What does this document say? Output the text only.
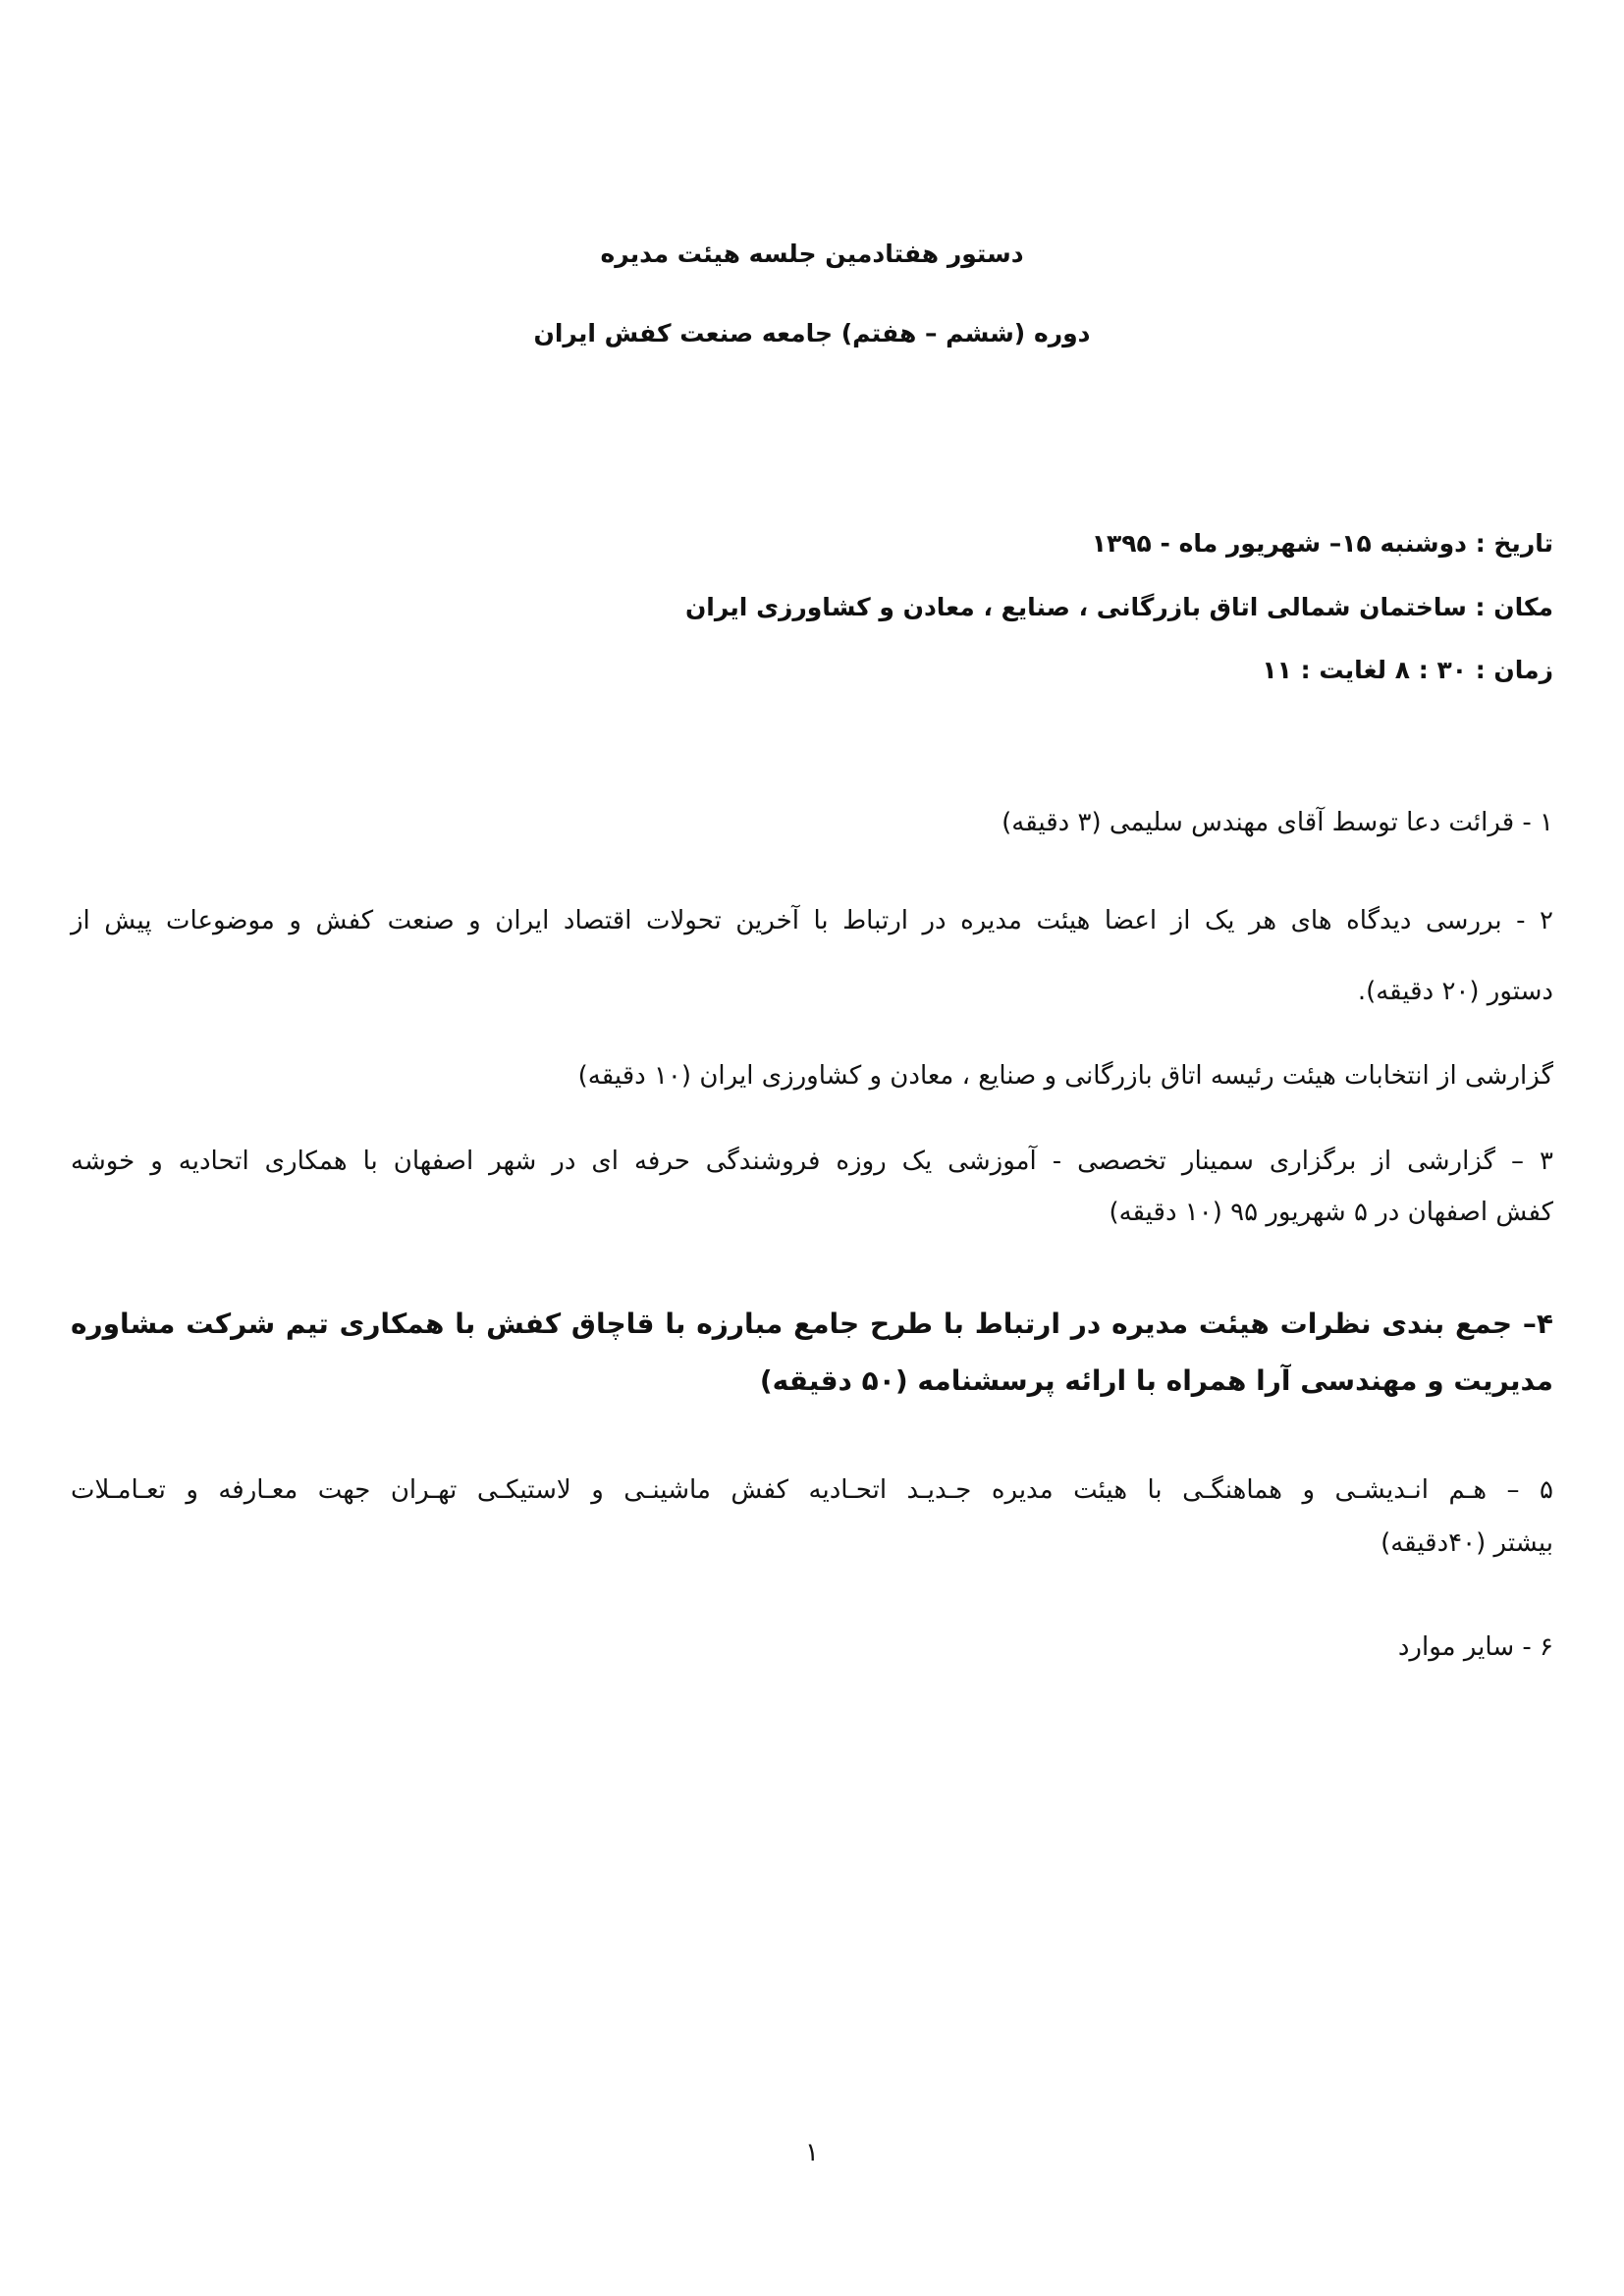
دستور هفتادمین جلسه هیئت مدیره
دوره (ششم – هفتم) جامعه صنعت کفش ایران
تاریخ : دوشنبه ۱۵– شهریور ماه - ۱۳۹۵
مکان : ساختمان شمالی اتاق بازرگانی ، صنایع ، معادن و کشاورزی ایران
زمان : ۳۰ : ۸ لغایت : ۱۱
۱ - قرائت دعا توسط آقای مهندس سلیمی (۳ دقیقه)
۲ - بررسی دیدگاه های هر یک از اعضا هیئت مدیره در ارتباط با آخرین تحولات اقتصاد ایران و صنعت کفش و موضوعات پیش از
دستور (۲۰ دقیقه).
گزارشی از انتخابات هیئت رئیسه اتاق بازرگانی و صنایع ، معادن و کشاورزی ایران (۱۰ دقیقه)
۳ – گزارشی از برگزاری سمینار تخصصی - آموزشی یک روزه فروشندگی حرفه ای در شهر اصفهان با همکاری اتحادیه و خوشه
کفش اصفهان در ۵ شهریور ۹۵ (۱۰ دقیقه)
۴– جمع بندی نظرات هیئت مدیره در ارتباط با طرح جامع مبارزه با قاچاق کفش با همکاری تیم شرکت مشاوره
مدیریت و مهندسی آرا همراه با ارائه پرسشنامه (۵۰ دقیقه)
۵ – هـم انـدیشـی و هماهنگـی با هیئت مدیره جـدیـد اتحـادیه کفش ماشینـی و لاستیکـی تهـران جهت معـارفه و تعـامـلات
بیشتر (۴۰دقیقه)
۶ - سایر موارد
۱
